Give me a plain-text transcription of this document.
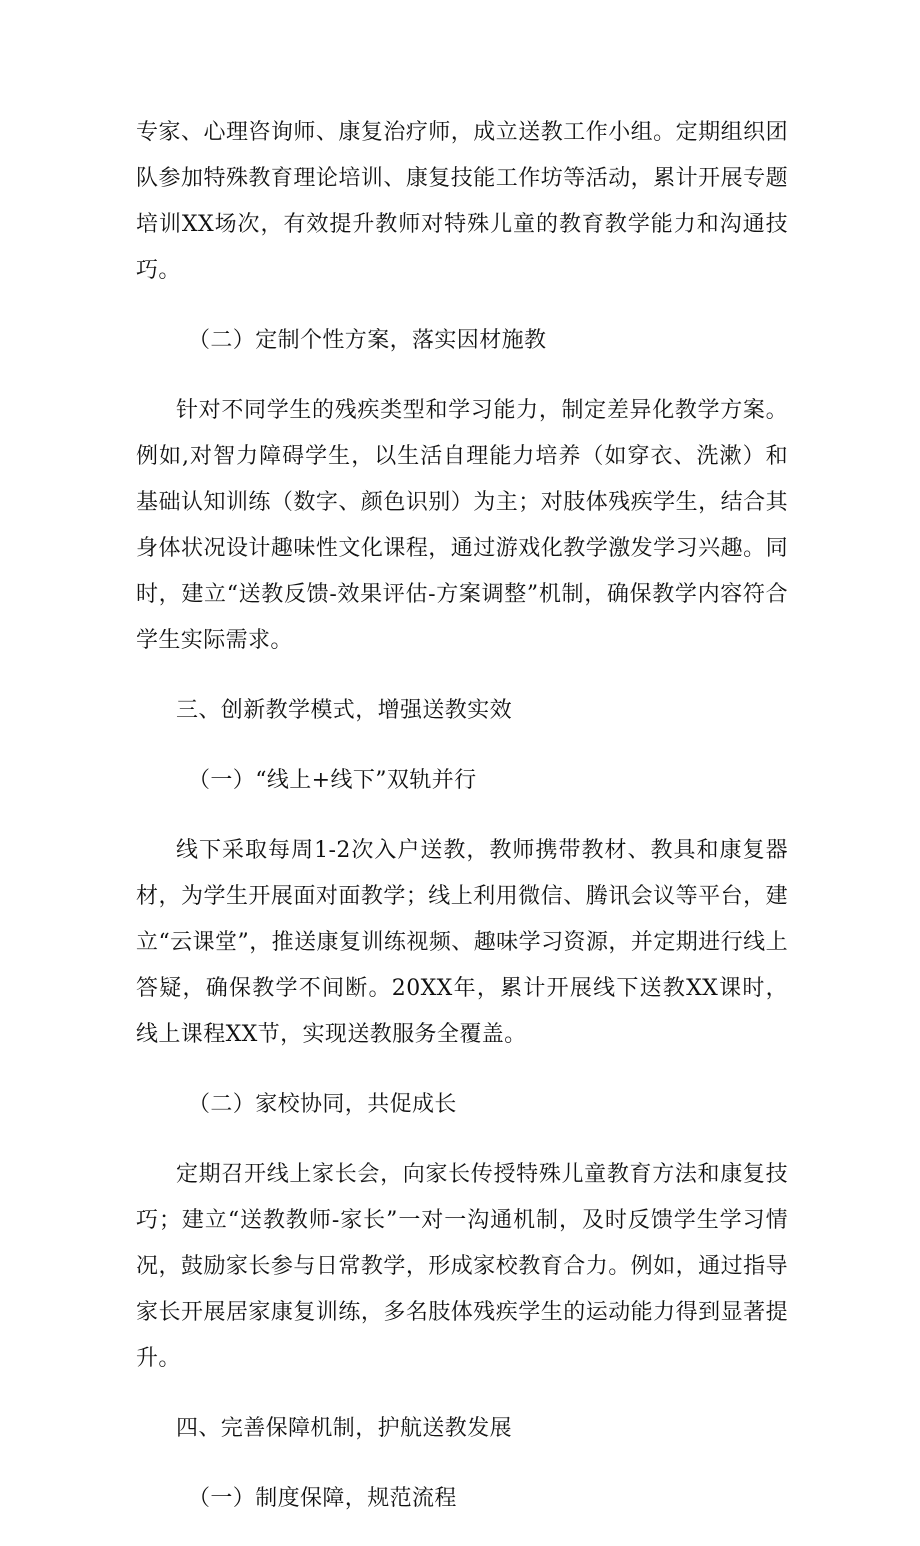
专家、心理咨询师、康复治疗师，成立送教工作小组。定期组织团队参加特殊教育理论培训、康复技能工作坊等活动，累计开展专题培训XX场次，有效提升教师对特殊儿童的教育教学能力和沟通技巧。

（二）定制个性方案，落实因材施教

针对不同学生的残疾类型和学习能力，制定差异化教学方案。例如,对智力障碍学生，以生活自理能力培养（如穿衣、洗漱）和基础认知训练（数字、颜色识别）为主；对肢体残疾学生，结合其身体状况设计趣味性文化课程，通过游戏化教学激发学习兴趣。同时，建立“送教反馈-效果评估-方案调整”机制，确保教学内容符合学生实际需求。

三、创新教学模式，增强送教实效

（一）“线上+线下”双轨并行

线下采取每周1-2次入户送教，教师携带教材、教具和康复器材，为学生开展面对面教学；线上利用微信、腾讯会议等平台，建立“云课堂”，推送康复训练视频、趣味学习资源，并定期进行线上答疑，确保教学不间断。20XX年，累计开展线下送教XX课时，线上课程XX节，实现送教服务全覆盖。

（二）家校协同，共促成长

定期召开线上家长会，向家长传授特殊儿童教育方法和康复技巧；建立“送教教师-家长”一对一沟通机制，及时反馈学生学习情况，鼓励家长参与日常教学，形成家校教育合力。例如，通过指导家长开展居家康复训练，多名肢体残疾学生的运动能力得到显著提升。

四、完善保障机制，护航送教发展

（一）制度保障，规范流程
